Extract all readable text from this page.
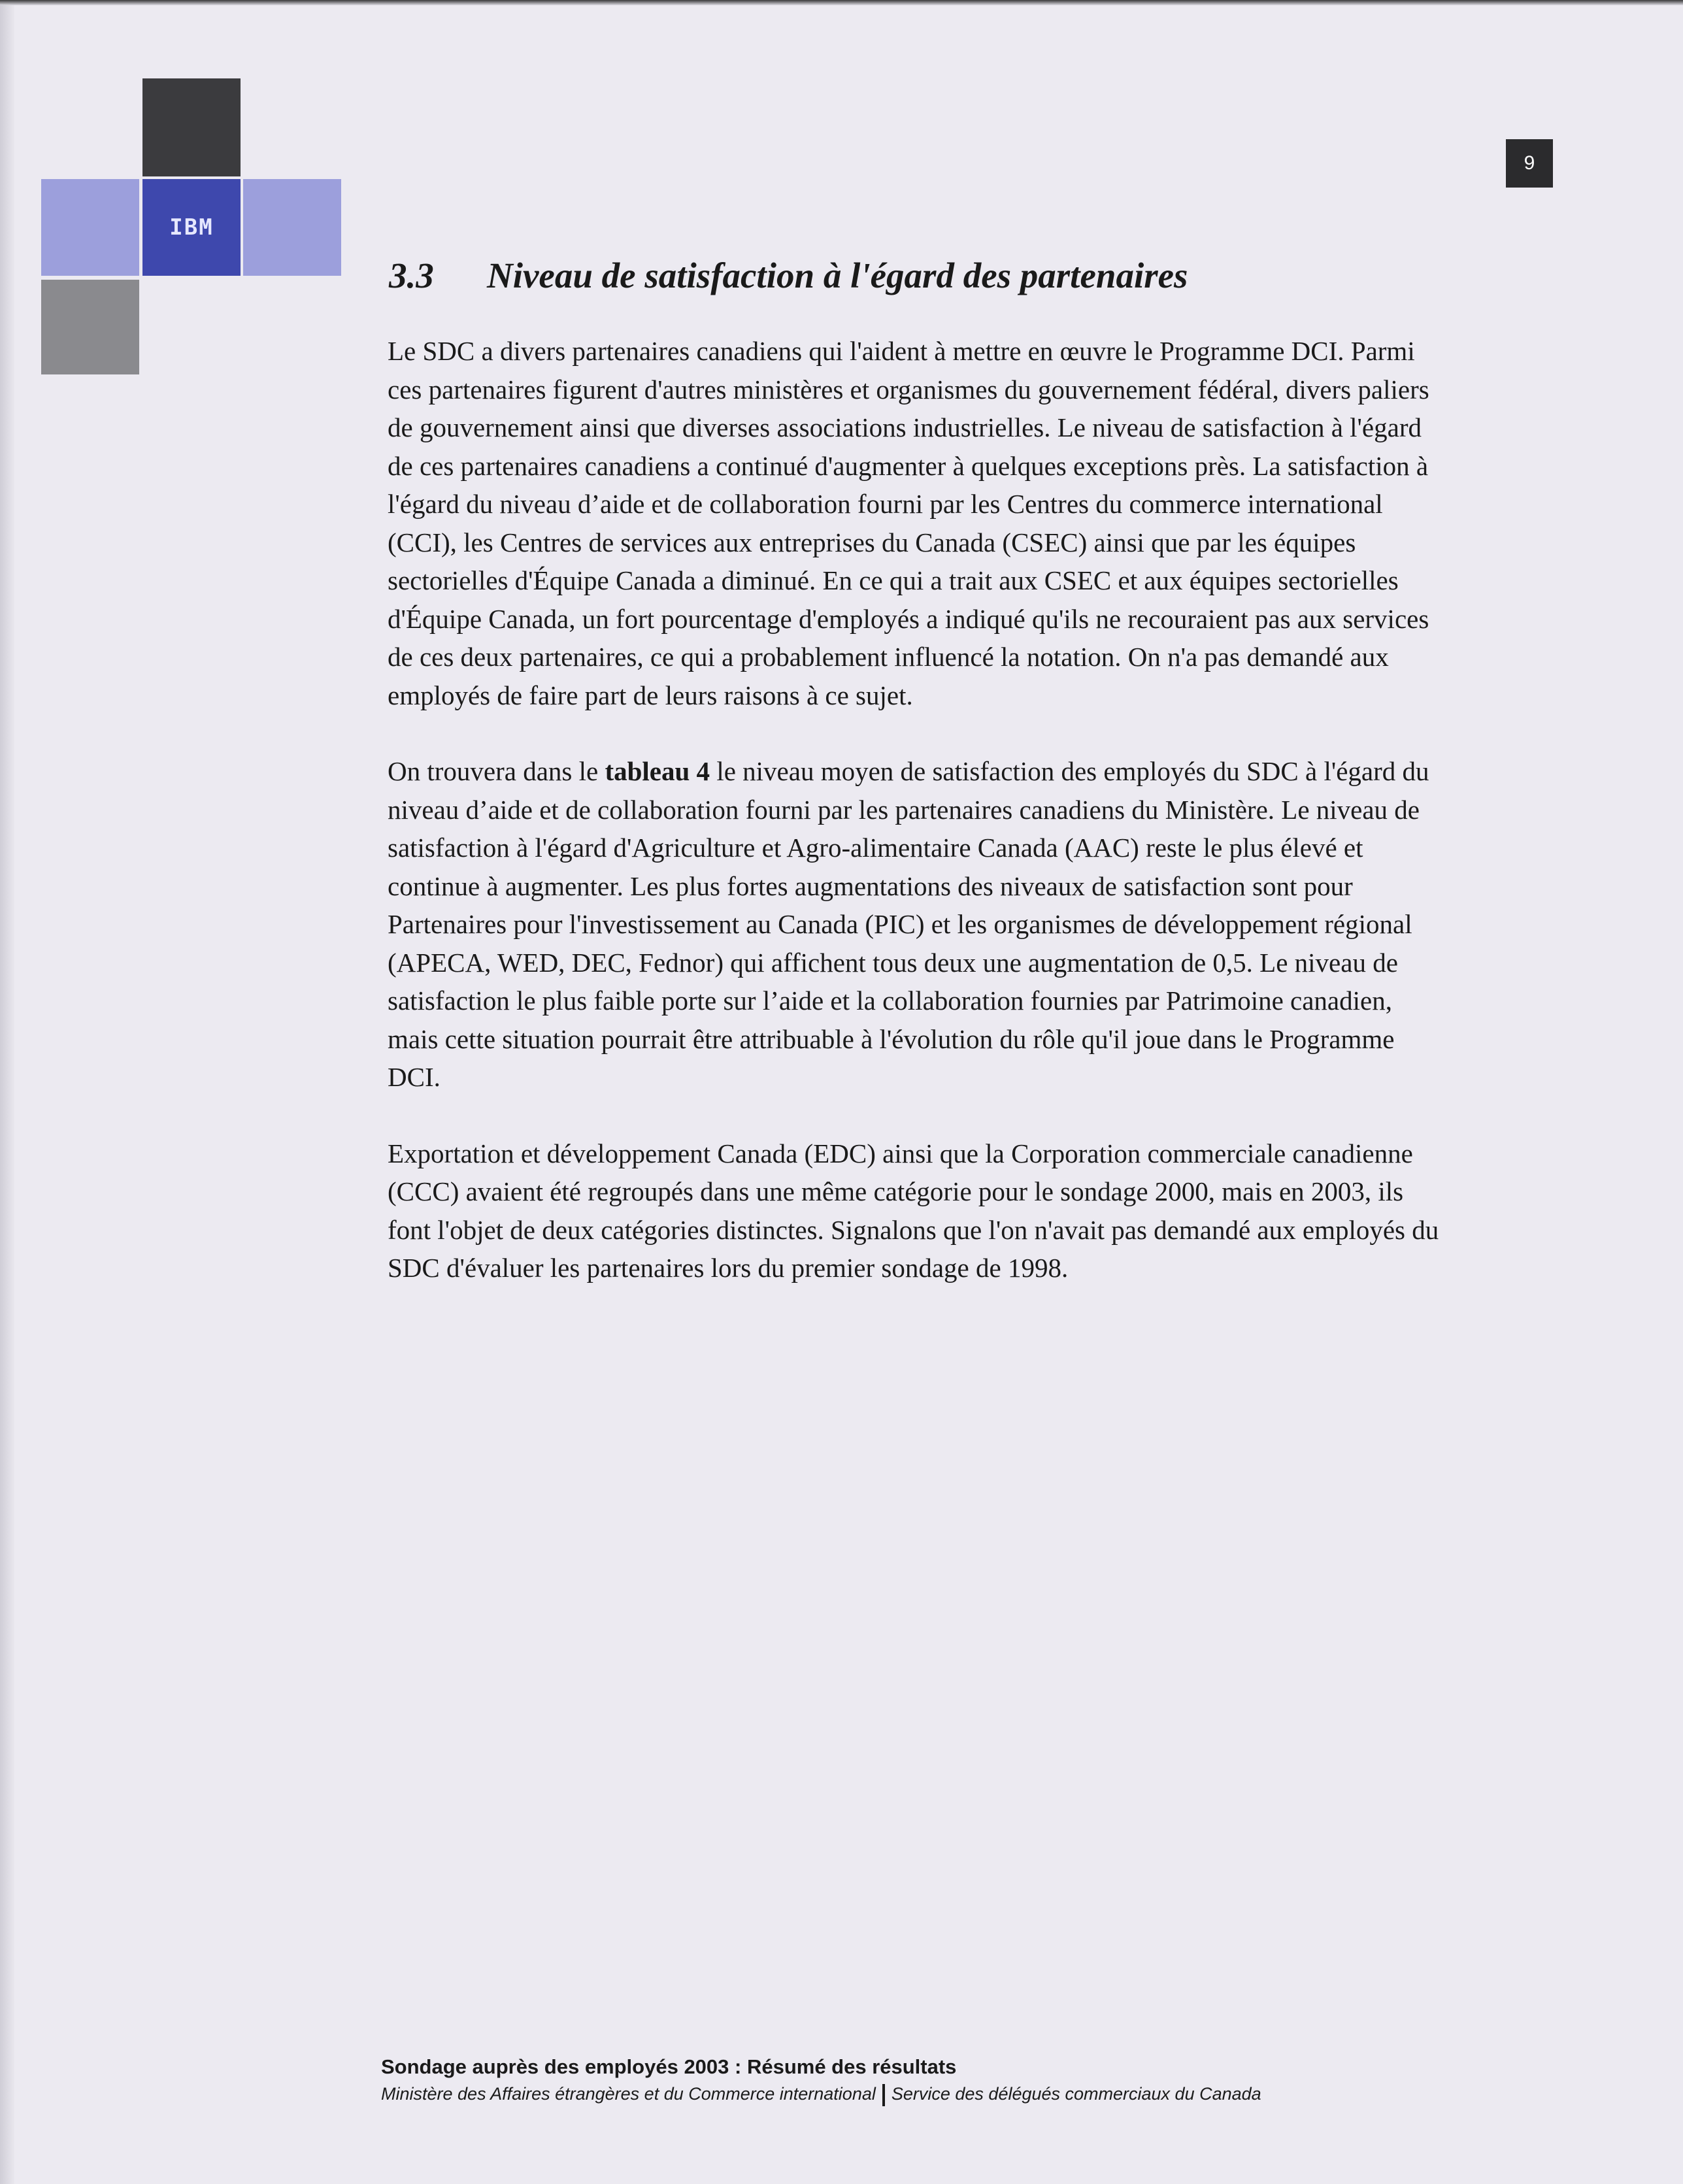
IBM
9
3.3 Niveau de satisfaction à l'égard des partenaires

Le SDC a divers partenaires canadiens qui l'aident à mettre en œuvre le Programme DCI. Parmi ces partenaires figurent d'autres ministères et organismes du gouvernement fédéral, divers paliers de gouvernement ainsi que diverses associations industrielles. Le niveau de satisfaction à l'égard de ces partenaires canadiens a continué d'augmenter à quelques exceptions près. La satisfaction à l'égard du niveau d’aide et de collaboration fourni par les Centres du commerce international (CCI), les Centres de services aux entreprises du Canada (CSEC) ainsi que par les équipes sectorielles d'Équipe Canada a diminué. En ce qui a trait aux CSEC et aux équipes sectorielles d'Équipe Canada, un fort pourcentage d'employés a indiqué qu'ils ne recouraient pas aux services de ces deux partenaires, ce qui a probablement influencé la notation. On n'a pas demandé aux employés de faire part de leurs raisons à ce sujet.

On trouvera dans le tableau 4 le niveau moyen de satisfaction des employés du SDC à l'égard du niveau d’aide et de collaboration fourni par les partenaires canadiens du Ministère. Le niveau de satisfaction à l'égard d'Agriculture et Agro-alimentaire Canada (AAC) reste le plus élevé et continue à augmenter. Les plus fortes augmentations des niveaux de satisfaction sont pour Partenaires pour l'investissement au Canada (PIC) et les organismes de développement régional (APECA, WED, DEC, Fednor) qui affichent tous deux une augmentation de 0,5. Le niveau de satisfaction le plus faible porte sur l’aide et la collaboration fournies par Patrimoine canadien, mais cette situation pourrait être attribuable à l'évolution du rôle qu'il joue dans le Programme DCI.

Exportation et développement Canada (EDC) ainsi que la Corporation commerciale canadienne (CCC) avaient été regroupés dans une même catégorie pour le sondage 2000, mais en 2003, ils font l'objet de deux catégories distinctes. Signalons que l'on n'avait pas demandé aux employés du SDC d'évaluer les partenaires lors du premier sondage de 1998.

Sondage auprès des employés 2003 : Résumé des résultats
Ministère des Affaires étrangères et du Commerce international Service des délégués commerciaux du Canada
